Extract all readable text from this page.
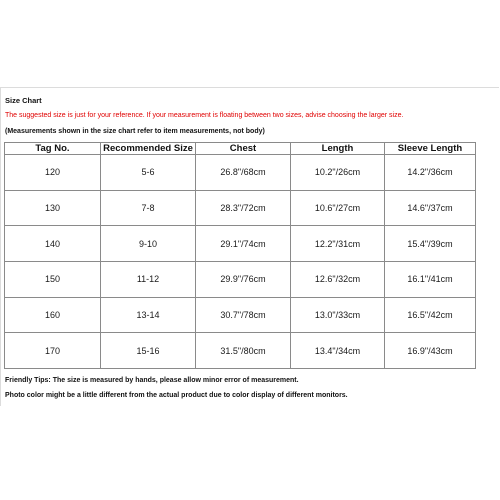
Size Chart
The suggested size is just for your reference. If your measurement is floating between two sizes, advise choosing the larger size.
(Measurements shown in the size chart refer to item measurements, not body)
Tag No.	Recommended Size	Chest	Length	Sleeve Length
120	5-6	26.8"/68cm	10.2"/26cm	14.2"/36cm
130	7-8	28.3"/72cm	10.6"/27cm	14.6"/37cm
140	9-10	29.1"/74cm	12.2"/31cm	15.4"/39cm
150	11-12	29.9"/76cm	12.6"/32cm	16.1"/41cm
160	13-14	30.7"/78cm	13.0"/33cm	16.5"/42cm
170	15-16	31.5"/80cm	13.4"/34cm	16.9"/43cm
Friendly Tips: The size is measured by hands, please allow minor error of measurement.
Photo color might be a little different from the actual product due to color display of different monitors.
